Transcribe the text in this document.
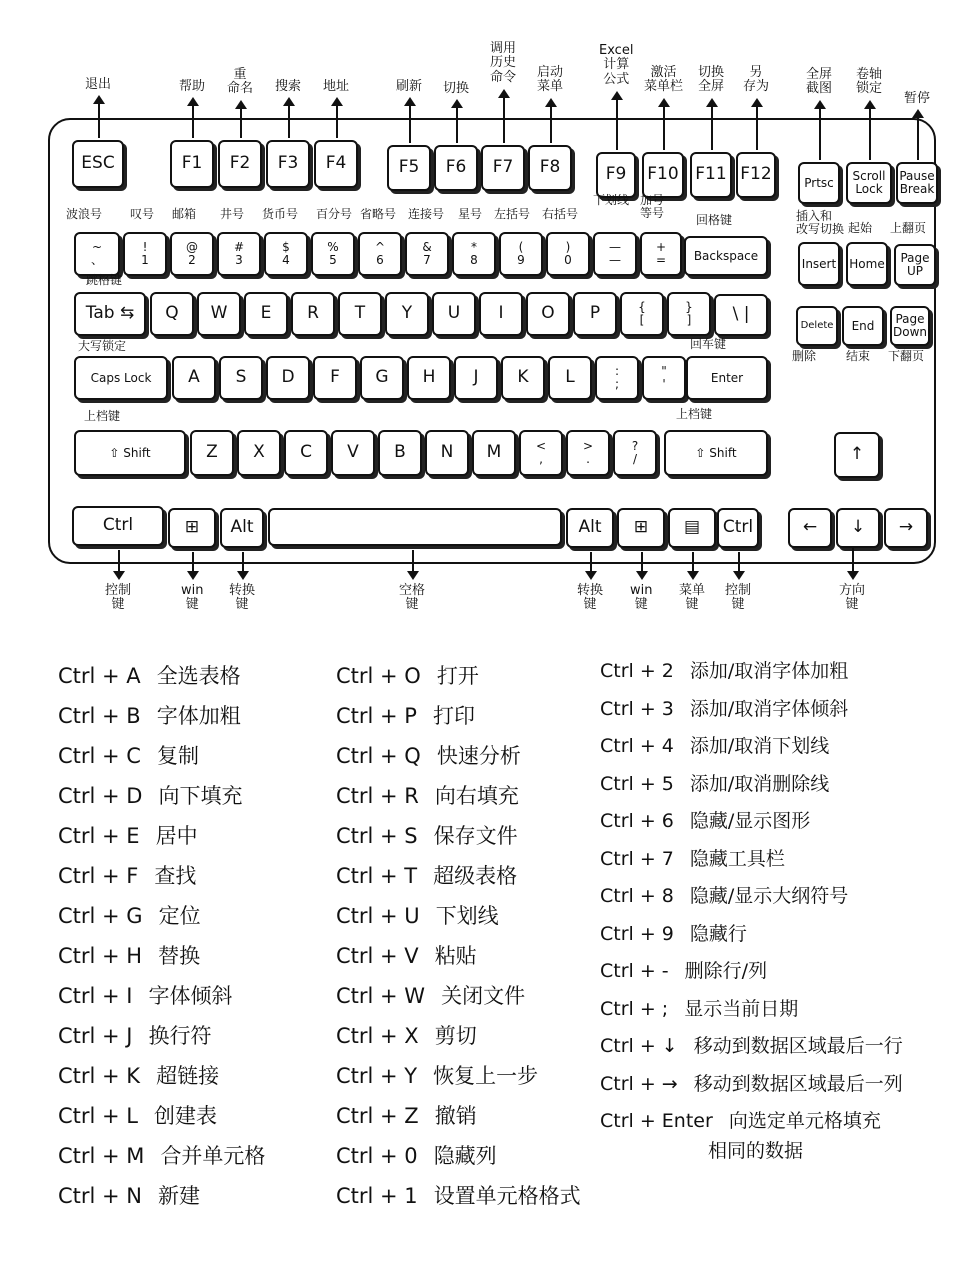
ESC	F1	F2	F3	F4	F5	F6	F7	F8	F9	F10 F11 F12	Prtsc	Scroll
Lock
Pause
Break
~
、
!
1
@
2
#
3
$
4
%
5
^
6
&
7
*
8
(
9
)
0
—
—
+
=	Backspace
Insert	Home Page
UP
Tab ⇆	Q	W	E	R	T	Y	U	I	O	P	{
[
}
]	\ |
Delete	End	Page
Down
Caps Lock	A	S	D	F	G	H	J	K	L	:
;
"
'	Enter
⇧ Shift	Z	X	C	V	B	N	M	<
,
>
.
?
/	⇧ Shift	↑
Ctrl	⊞	Alt	Alt	⊞	▤	Ctrl	←	↓	→
波浪号 叹号 邮箱 井号 货币号 百分号 省略号 连接号 星号 左括号 右括号
下划线 加号
等号
回格键	插入和
改写切换 起始 上翻页
跳格键
大写锁定	回车键
上档键	上档键
删除 结束 下翻页
退出	帮助
重
命名 搜索 地址	刷新 切换
调用
历史
命令 启动
菜单
Excel
计算
公式	激活
菜单栏
切换
全屏
另
存为
全屏
截图
卷轴
锁定
暂停
控制
键
win
键
转换
键
空格
键
转换
键
win
键
菜单
键
控制
键
方向
键
Ctrl + A 全选表格
Ctrl + B 字体加粗
Ctrl + C 复制
Ctrl + D 向下填充
Ctrl + E 居中
Ctrl + F 查找
Ctrl + G 定位
Ctrl + H 替换
Ctrl + I 字体倾斜
Ctrl + J 换行符
Ctrl + K 超链接
Ctrl + L 创建表
Ctrl + M 合并单元格
Ctrl + N 新建
Ctrl + O 打开
Ctrl + P 打印
Ctrl + Q 快速分析
Ctrl + R 向右填充
Ctrl + S 保存文件
Ctrl + T 超级表格
Ctrl + U 下划线
Ctrl + V 粘贴
Ctrl + W 关闭文件
Ctrl + X 剪切
Ctrl + Y 恢复上一步
Ctrl + Z 撤销
Ctrl + 0 隐藏列
Ctrl + 1 设置单元格格式
Ctrl + 2 添加/取消字体加粗
Ctrl + 3 添加/取消字体倾斜
Ctrl + 4 添加/取消下划线
Ctrl + 5 添加/取消删除线
Ctrl + 6 隐藏/显示图形
Ctrl + 7 隐藏工具栏
Ctrl + 8 隐藏/显示大纲符号
Ctrl + 9 隐藏行
Ctrl + - 删除行/列
Ctrl + ; 显示当前日期
Ctrl + ↓ 移动到数据区域最后一行
Ctrl + → 移动到数据区域最后一列
Ctrl + Enter 向选定单元格填充
相同的数据
